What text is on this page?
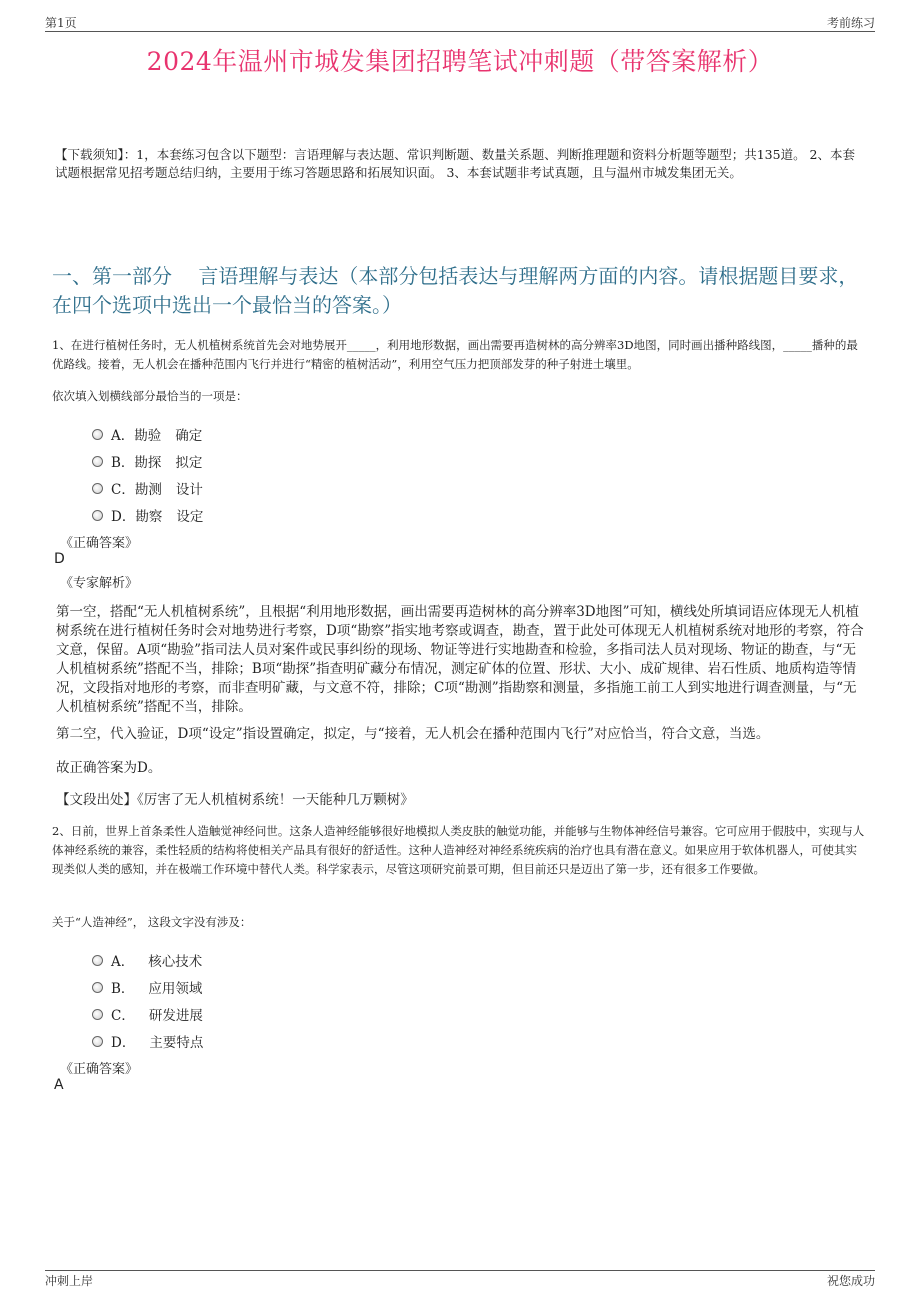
第1页	考前练习
2024年温州市城发集团招聘笔试冲刺题（带答案解析）
【下载须知】：1，本套练习包含以下题型：言语理解与表达题、常识判断题、数量关系题、判断推理题和资料分析题等题型；共135道。 2、本套试题根据常见招考题总结归纳，主要用于练习答题思路和拓展知识面。 3、本套试题非考试真题，且与温州市城发集团无关。
一、第一部分　 言语理解与表达（本部分包括表达与理解两方面的内容。请根据题目要求，在四个选项中选出一个最恰当的答案。）
1、在进行植树任务时，无人机植树系统首先会对地势展开_____，利用地形数据，画出需要再造树林的高分辨率3D地图，同时画出播种路线图，_____播种的最优路线。接着，无人机会在播种范围内飞行并进行“精密的植树活动”，利用空气压力把顶部发芽的种子射进土壤里。
依次填入划横线部分最恰当的一项是：
A．勘验 确定
B．勘探 拟定
C．勘测 设计
D．勘察 设定
《正确答案》
D
《专家解析》
第一空，搭配“无人机植树系统”，且根据“利用地形数据，画出需要再造树林的高分辨率3D地图”可知，横线处所填词语应体现无人机植树系统在进行植树任务时会对地势进行考察，D项“勘察”指实地考察或调查，勘查，置于此处可体现无人机植树系统对地形的考察，符合文意，保留。A项“勘验”指司法人员对案件或民事纠纷的现场、物证等进行实地勘查和检验，多指司法人员对现场、物证的勘查，与“无人机植树系统”搭配不当，排除；B项“勘探”指查明矿藏分布情况，测定矿体的位置、形状、大小、成矿规律、岩石性质、地质构造等情况，文段指对地形的考察，而非查明矿藏，与文意不符，排除；C项“勘测”指勘察和测量，多指施工前工人到实地进行调查测量，与“无人机植树系统”搭配不当，排除。
第二空，代入验证，D项“设定”指设置确定，拟定，与“接着，无人机会在播种范围内飞行”对应恰当，符合文意，当选。
故正确答案为D。
【文段出处】《厉害了无人机植树系统！一天能种几万颗树》
2、日前，世界上首条柔性人造触觉神经问世。这条人造神经能够很好地模拟人类皮肤的触觉功能，并能够与生物体神经信号兼容。它可应用于假肢中，实现与人体神经系统的兼容，柔性轻质的结构将使相关产品具有很好的舒适性。这种人造神经对神经系统疾病的治疗也具有潜在意义。如果应用于软体机器人，可使其实现类似人类的感知，并在极端工作环境中替代人类。科学家表示，尽管这项研究前景可期，但目前还只是迈出了第一步，还有很多工作要做。
关于“人造神经”， 这段文字没有涉及：
A． 核心技术
B． 应用领域
C． 研发进展
D． 主要特点
《正确答案》
A
冲刺上岸	祝您成功
